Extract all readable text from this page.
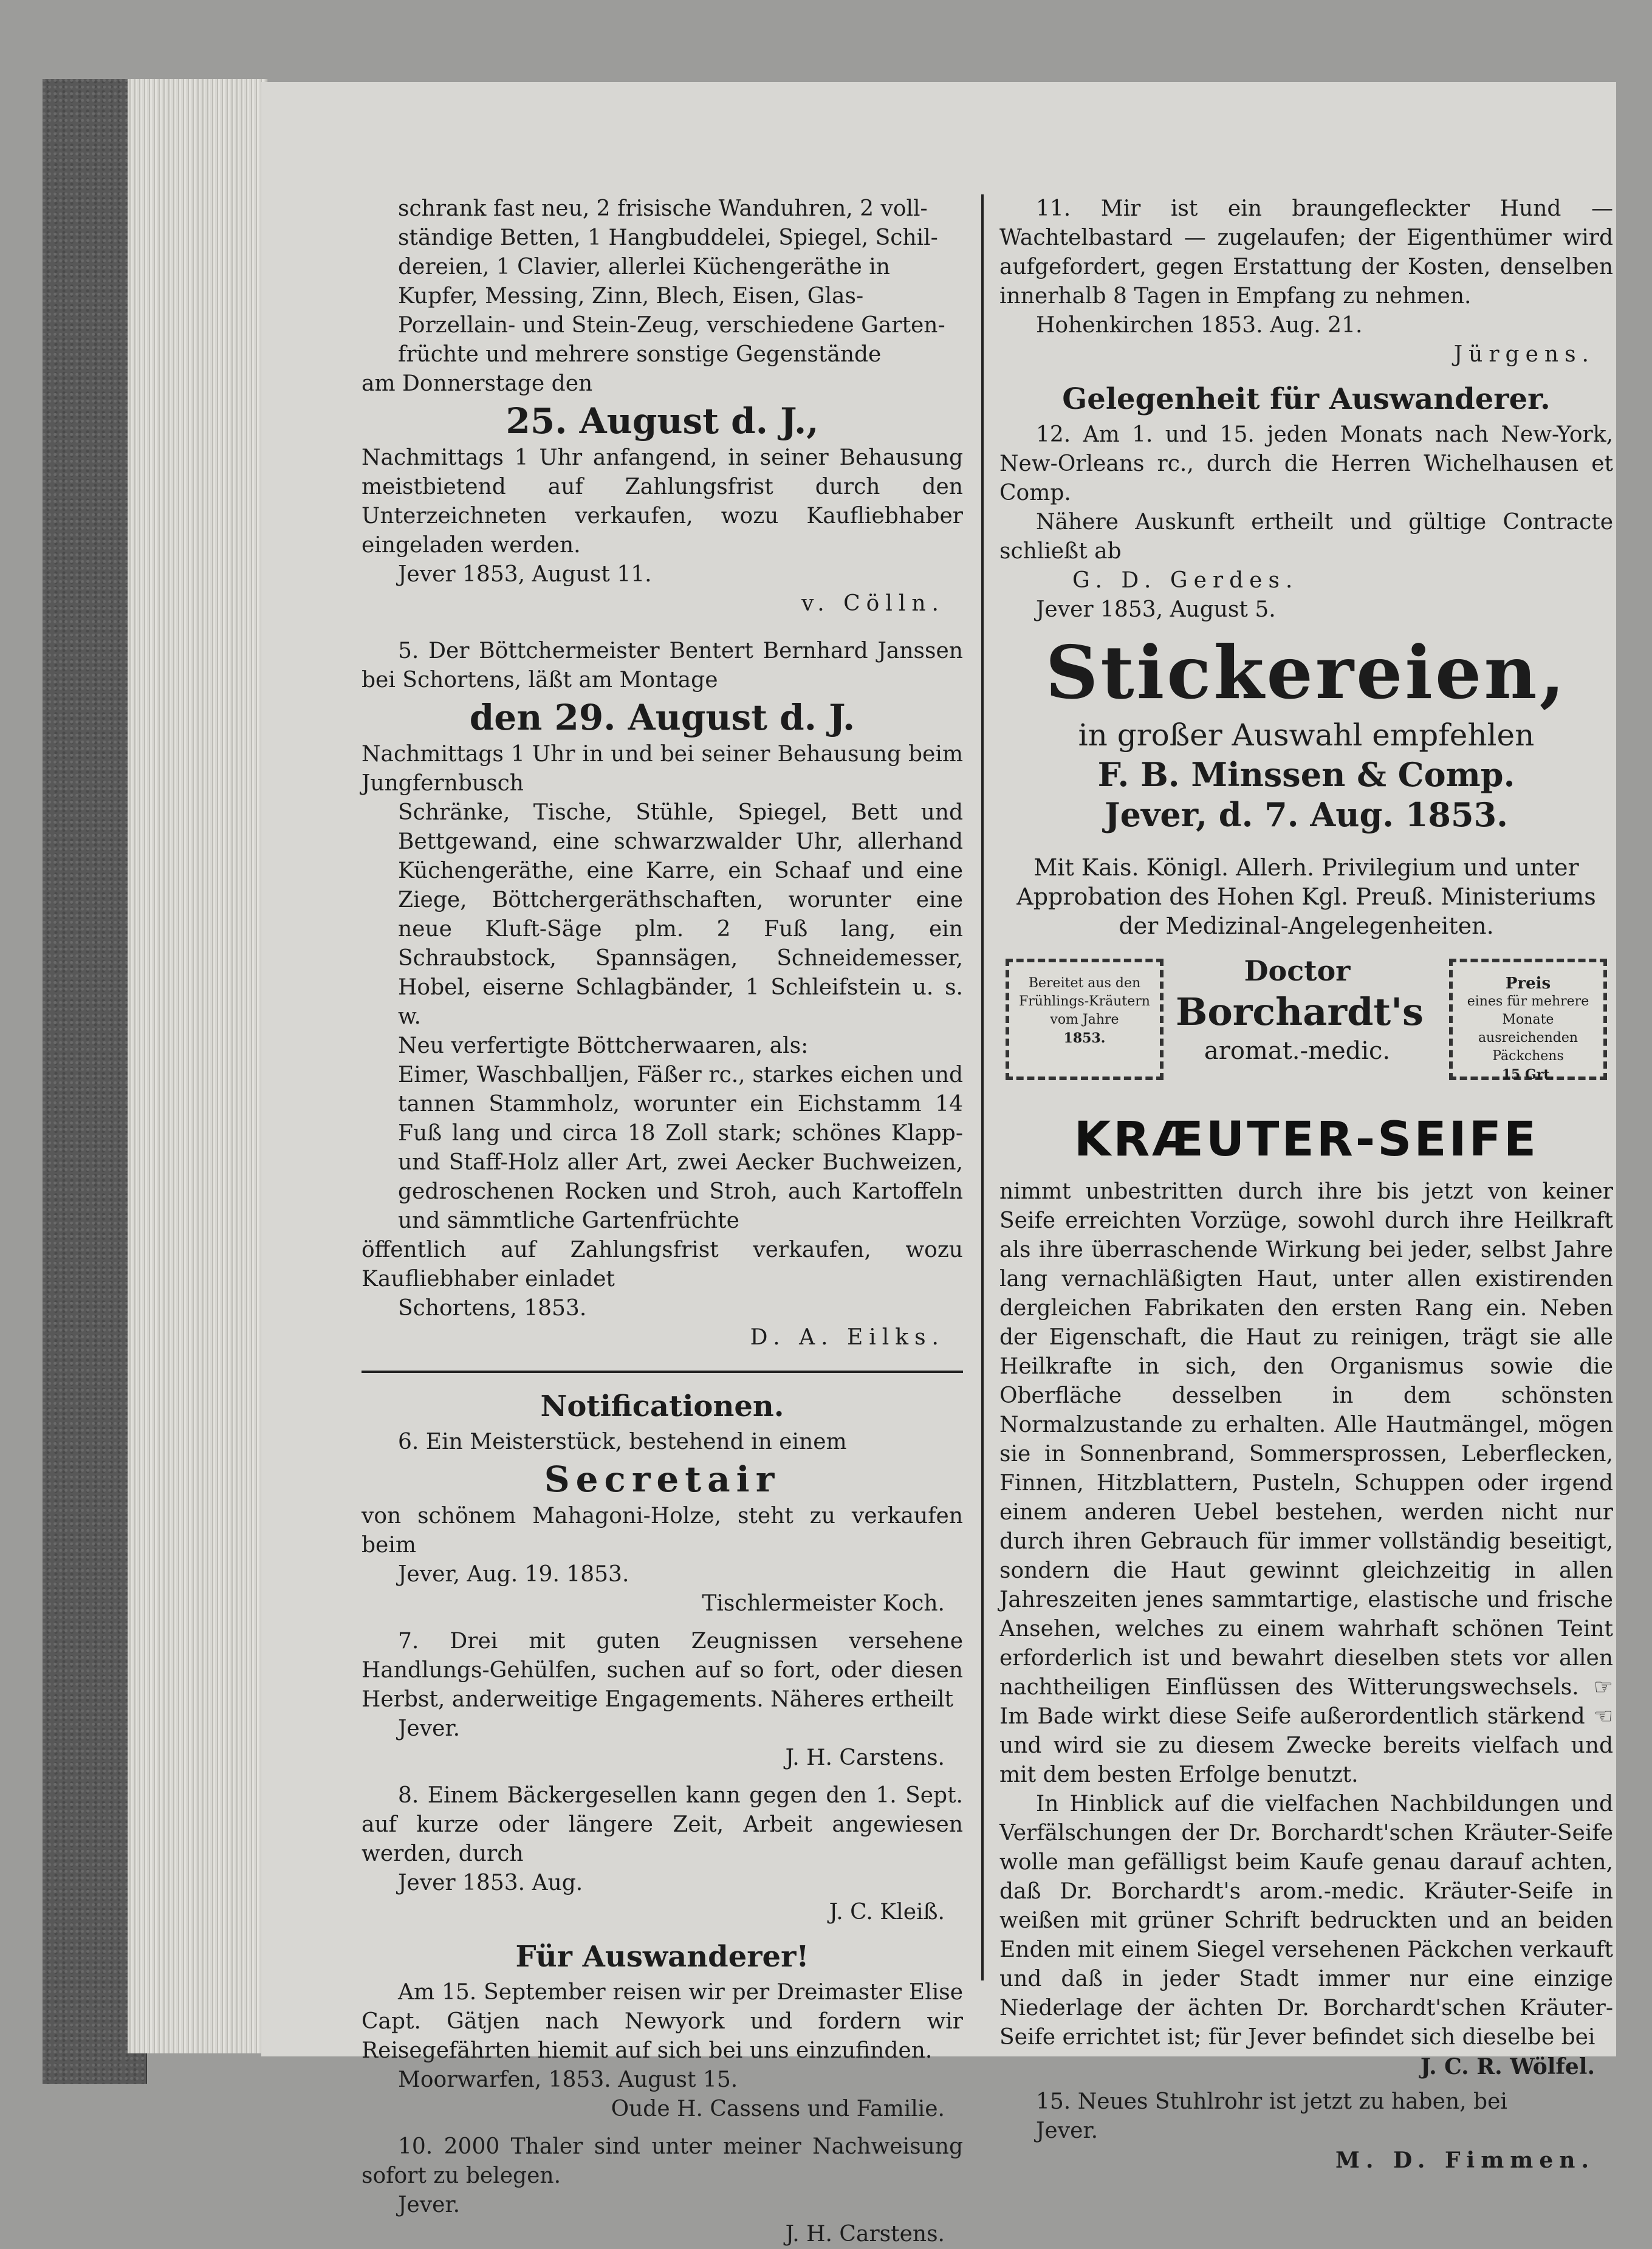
schrank fast neu, 2 frisische Wanduhren, 2 voll-

ständige Betten, 1 Hangbuddelei, Spiegel, Schil-

dereien, 1 Clavier, allerlei Küchengeräthe in

Kupfer, Messing, Zinn, Blech, Eisen, Glas-

Porzellain- und Stein-Zeug, verschiedene Garten-

früchte und mehrere sonstige Gegenstände

am Donnerstage den

25. August d. J.,

Nachmittags 1 Uhr anfangend, in seiner Behausung meistbietend auf Zahlungsfrist durch den Unterzeichneten verkaufen, wozu Kaufliebhaber eingeladen werden.

Jever 1853, August 11.

v. Cölln.

5. Der Böttchermeister Bentert Bernhard Janssen bei Schortens, läßt am Montage

den 29. August d. J.

Nachmittags 1 Uhr in und bei seiner Behausung beim Jungfernbusch

Schränke, Tische, Stühle, Spiegel, Bett und Bettgewand, eine schwarzwalder Uhr, allerhand Küchengeräthe, eine Karre, ein Schaaf und eine Ziege, Böttchergeräthschaften, worunter eine neue Kluft-Säge plm. 2 Fuß lang, ein Schraubstock, Spannsägen, Schneidemesser, Hobel, eiserne Schlagbänder, 1 Schleifstein u. s. w.

Neu verfertigte Böttcherwaaren, als:

Eimer, Waschballjen, Fäßer rc., starkes eichen und tannen Stammholz, worunter ein Eichstamm 14 Fuß lang und circa 18 Zoll stark; schönes Klapp- und Staff-Holz aller Art, zwei Aecker Buchweizen, gedroschenen Rocken und Stroh, auch Kartoffeln und sämmtliche Gartenfrüchte

öffentlich auf Zahlungsfrist verkaufen, wozu Kaufliebhaber einladet

Schortens, 1853.

D. A. Eilks.

Notificationen.

6. Ein Meisterstück, bestehend in einem

Secretair

von schönem Mahagoni-Holze, steht zu verkaufen beim

Jever, Aug. 19. 1853.

Tischlermeister Koch.

7. Drei mit guten Zeugnissen versehene Handlungs-Gehülfen, suchen auf so fort, oder diesen Herbst, anderweitige Engagements. Näheres ertheilt

Jever.

J. H. Carstens.

8. Einem Bäckergesellen kann gegen den 1. Sept. auf kurze oder längere Zeit, Arbeit angewiesen werden, durch

Jever 1853. Aug.

J. C. Kleiß.

Für Auswanderer!

Am 15. September reisen wir per Dreimaster Elise Capt. Gätjen nach Newyork und fordern wir Reisegefährten hiemit auf sich bei uns einzufinden.

Moorwarfen, 1853. August 15.

Oude H. Cassens und Familie.

10. 2000 Thaler sind unter meiner Nachweisung sofort zu belegen.

Jever.

J. H. Carstens.

11. Mir ist ein braungefleckter Hund — Wachtelbastard — zugelaufen; der Eigenthümer wird aufgefordert, gegen Erstattung der Kosten, denselben innerhalb 8 Tagen in Empfang zu nehmen.

Hohenkirchen 1853. Aug. 21.

Jürgens.

Gelegenheit für Auswanderer.

12. Am 1. und 15. jeden Monats nach New-York, New-Orleans rc., durch die Herren Wichelhausen et Comp.

Nähere Auskunft ertheilt und gültige Contracte schließt ab

G. D. Gerdes.

Jever 1853, August 5.

Stickereien,

in großer Auswahl empfehlen

F. B. Minssen & Comp.

Jever, d. 7. Aug. 1853.

Mit Kais. Königl. Allerh. Privilegium und unter Approbation des Hohen Kgl. Preuß. Ministeriums der Medizinal-Angelegenheiten.

Bereitet aus den
Frühlings-Kräutern
vom Jahre
1853.
Doctor
Borchardt's
aromat.-medic.
Preis
eines für mehrere
Monate ausreichenden
Päckchens
15 Grt.

KRÆUTER-SEIFE

nimmt unbestritten durch ihre bis jetzt von keiner Seife erreichten Vorzüge, sowohl durch ihre Heilkraft als ihre überraschende Wirkung bei jeder, selbst Jahre lang vernachläßigten Haut, unter allen existirenden dergleichen Fabrikaten den ersten Rang ein. Neben der Eigenschaft, die Haut zu reinigen, trägt sie alle Heilkrafte in sich, den Organismus sowie die Oberfläche desselben in dem schönsten Normalzustande zu erhalten. Alle Hautmängel, mögen sie in Sonnenbrand, Sommersprossen, Leberflecken, Finnen, Hitzblattern, Pusteln, Schuppen oder irgend einem anderen Uebel bestehen, werden nicht nur durch ihren Gebrauch für immer vollständig beseitigt, sondern die Haut gewinnt gleichzeitig in allen Jahreszeiten jenes sammtartige, elastische und frische Ansehen, welches zu einem wahrhaft schönen Teint erforderlich ist und bewahrt dieselben stets vor allen nachtheiligen Einflüssen des Witterungswechsels. ☞ Im Bade wirkt diese Seife außerordentlich stärkend ☜ und wird sie zu diesem Zwecke bereits vielfach und mit dem besten Erfolge benutzt.

In Hinblick auf die vielfachen Nachbildungen und Verfälschungen der Dr. Borchardt'schen Kräuter-Seife wolle man gefälligst beim Kaufe genau darauf achten, daß Dr. Borchardt's arom.-medic. Kräuter-Seife in weißen mit grüner Schrift bedruckten und an beiden Enden mit einem Siegel versehenen Päckchen verkauft und daß in jeder Stadt immer nur eine einzige Niederlage der ächten Dr. Borchardt'schen Kräuter-Seife errichtet ist; für Jever befindet sich dieselbe bei

J. C. R. Wölfel.

15. Neues Stuhlrohr ist jetzt zu haben, bei

Jever.

M. D. Fimmen.
